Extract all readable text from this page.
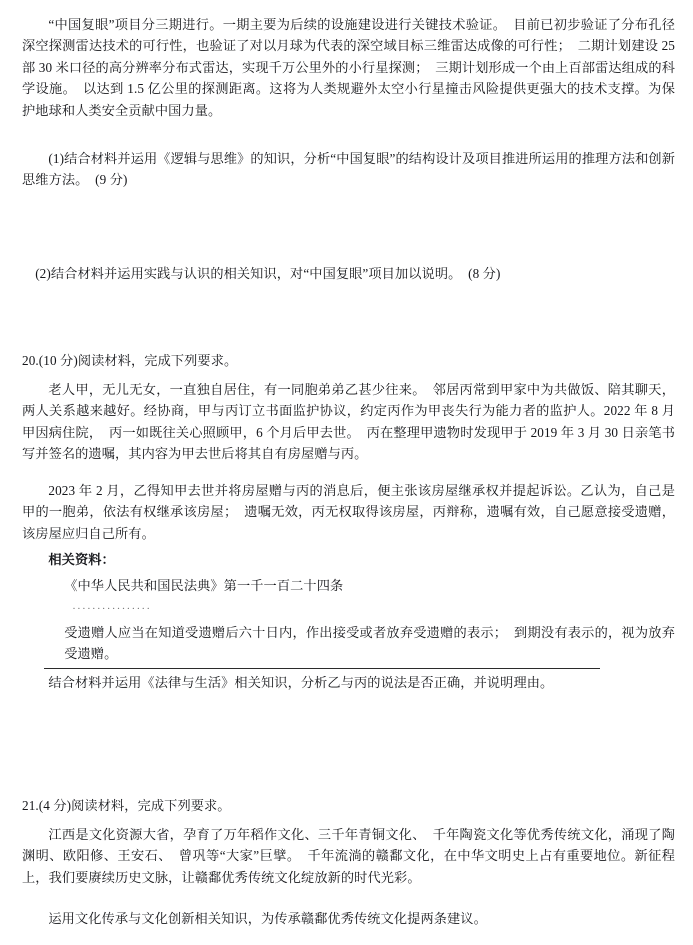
“中国复眼”项目分三期进行。一期主要为后续的设施建设进行关键技术验证。　目前已初步验证了分布孔径深空探测雷达技术的可行性，也验证了对以月球为代表的深空域目标三维雷达成像的可行性；　二期计划建设 25 部 30 米口径的高分辨率分布式雷达，实现千万公里外的小行星探测；　三期计划形成一个由上百部雷达组成的科学设施。　以达到 1.5 亿公里的探测距离。这将为人类规避外太空小行星撞击风险提供更强大的技术支撑。为保护地球和人类安全贡献中国力量。

(1)结合材料并运用《逻辑与思维》的知识，分析“中国复眼”的结构设计及项目推进所运用的推理方法和创新思维方法。　(9 分)

(2)结合材料并运用实践与认识的相关知识，对“中国复眼”项目加以说明。　(8 分)

20.(10 分)阅读材料，完成下列要求。

老人甲，无儿无女，一直独自居住，有一同胞弟弟乙甚少往来。　邻居丙常到甲家中为共做饭、陪其聊天，两人关系越来越好。经协商，甲与丙订立书面监护协议，约定丙作为甲丧失行为能力者的监护人。2022 年 8 月甲因病住院，　丙一如既往关心照顾甲，6 个月后甲去世。　丙在整理甲遗物时发现甲于 2019 年 3 月 30 日亲笔书写并签名的遗嘱，其内容为甲去世后将其自有房屋赠与丙。

2023 年 2 月，乙得知甲去世并将房屋赠与丙的消息后，便主张该房屋继承权并提起诉讼。乙认为，自己是甲的一胞弟，依法有权继承该房屋；　遗嘱无效，丙无权取得该房屋，丙辩称，遗嘱有效，自己愿意接受遗赠，该房屋应归自己所有。

相关资料：

《中华人民共和国民法典》第一千一百二十四条

................

受遗赠人应当在知道受遗赠后六十日内，作出接受或者放弃受遗赠的表示；　到期没有表示的，视为放弃受遗赠。

结合材料并运用《法律与生活》相关知识，分析乙与丙的说法是否正确，并说明理由。

21.(4 分)阅读材料，完成下列要求。

江西是文化资源大省，孕育了万年稻作文化、三千年青铜文化、　千年陶瓷文化等优秀传统文化，涌现了陶渊明、欧阳修、王安石、　曾巩等“大家”巨擘。　千年流淌的赣鄱文化，在中华文明史上占有重要地位。新征程上，我们要赓续历史文脉，让赣鄱优秀传统文化绽放新的时代光彩。

运用文化传承与文化创新相关知识，为传承赣鄱优秀传统文化提两条建议。
